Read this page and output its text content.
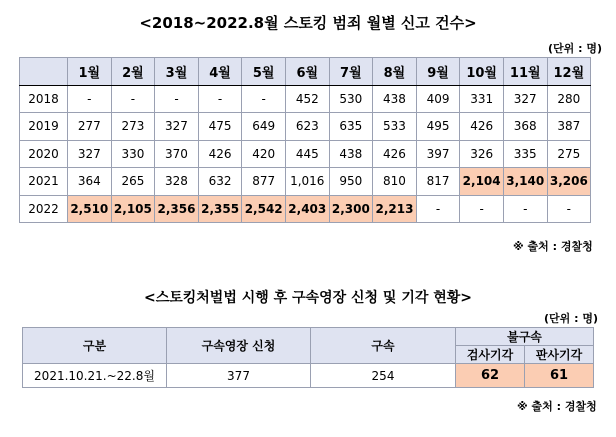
<2018~2022.8월 스토킹 범죄 월별 신고 건수>
(단위 : 명)
	1월	2월	3월	4월	5월	6월	7월	8월	9월	10월	11월	12월
2018	-	-	-	-	-	452	530	438	409	331	327	280
2019	277	273	327	475	649	623	635	533	495	426	368	387
2020	327	330	370	426	420	445	438	426	397	326	335	275
2021	364	265	328	632	877	1,016	950	810	817	2,104	3,140	3,206
2022	2,510	2,105	2,356	2,355	2,542	2,403	2,300	2,213	-	-	-	-
※ 출처 : 경찰청
<스토킹처벌법 시행 후 구속영장 신청 및 기각 현황>
(단위 : 명)
구분	구속영장 신청	구속	불구속	
			검사기각	판사기각
2021.10.21.~22.8월	377	254	62	61
※ 출처 : 경찰청
